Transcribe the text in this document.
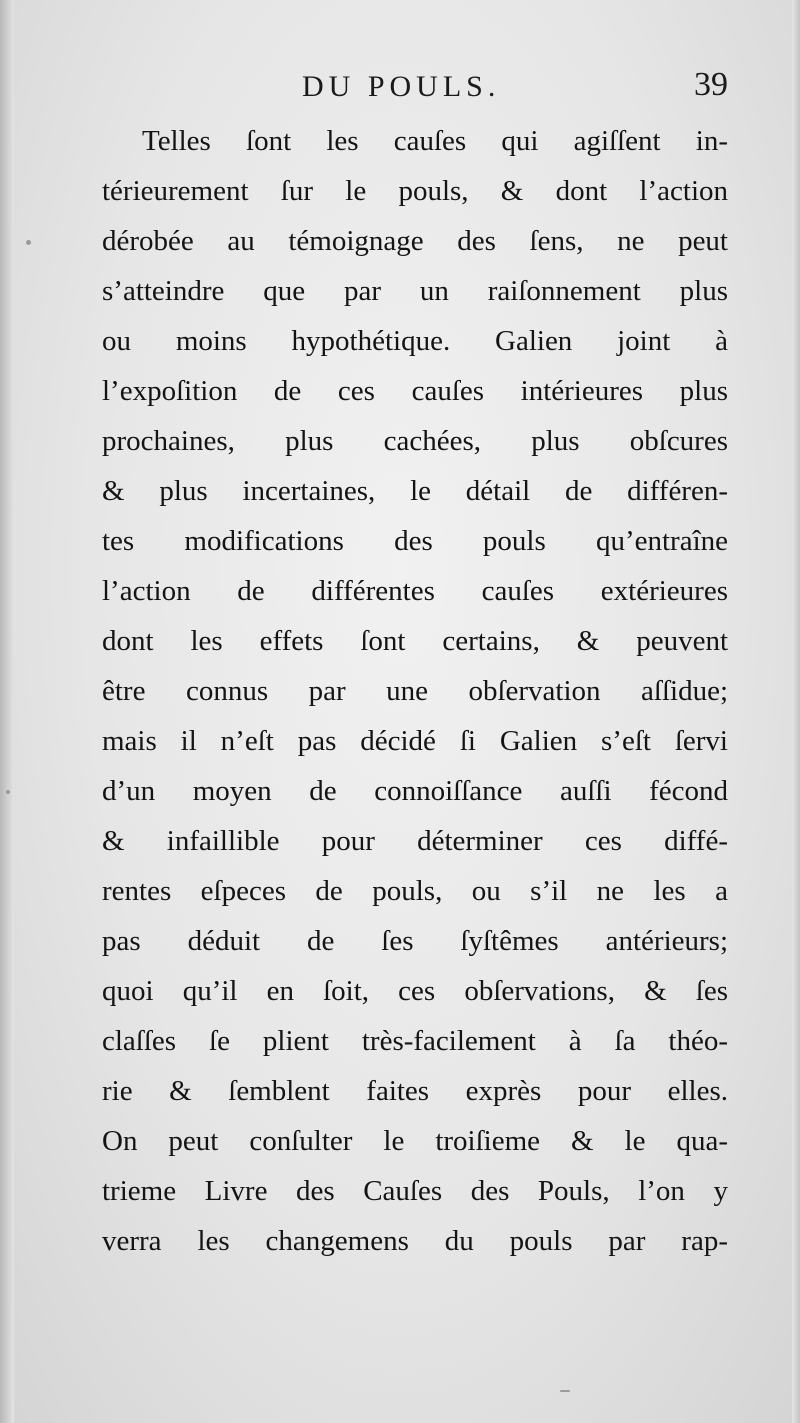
DU POULS.	39
Telles ſont les cauſes qui agiſſent in-
térieurement ſur le pouls, & dont l’action
dérobée au témoignage des ſens, ne peut
s’atteindre que par un raiſonnement plus
ou moins hypothétique. Galien joint à
l’expoſition de ces cauſes intérieures plus
prochaines, plus cachées, plus obſcures
& plus incertaines, le détail de différen-
tes modifications des pouls qu’entraîne
l’action de différentes cauſes extérieures
dont les effets ſont certains, & peuvent
être connus par une obſervation aſſidue;
mais il n’eſt pas décidé ſi Galien s’eſt ſervi
d’un moyen de connoiſſance auſſi fécond
& infaillible pour déterminer ces diffé-
rentes eſpeces de pouls, ou s’il ne les a
pas déduit de ſes ſyſtêmes antérieurs;
quoi qu’il en ſoit, ces obſervations, & ſes
claſſes ſe plient très-facilement à ſa théo-
rie & ſemblent faites exprès pour elles.
On peut conſulter le troiſieme & le qua-
trieme Livre des Cauſes des Pouls, l’on y
verra les changemens du pouls par rap-
